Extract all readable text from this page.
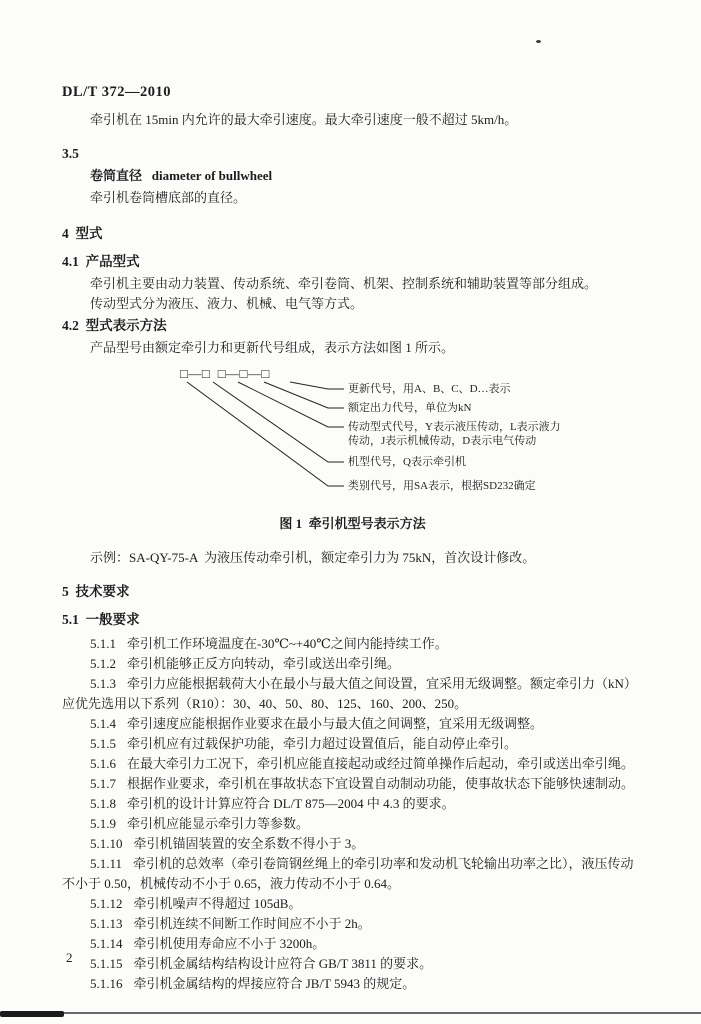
DL/T 372—2010

牵引机在 15min 内允许的最大牵引速度。最大牵引速度一般不超过 5km/h。

3.5
卷筒直径   diameter of bullwheel

牵引机卷筒槽底部的直径。

4  型式
4.1  产品型式

牵引机主要由动力装置、传动系统、牵引卷筒、机架、控制系统和辅助装置等部分组成。

传动型式分为液压、液力、机械、电气等方式。

4.2  型式表示方法

产品型号由额定牵引力和更新代号组成，表示方法如图 1 所示。

□—□  □—□—□
更新代号，用A、B、C、D…表示
额定出力代号，单位为kN
传动型式代号，Y表示液压传动，L表示液力传动，J表示机械传动，D表示电气传动
机型代号，Q表示牵引机
类别代号，用SA表示，根据SD232确定
图 1  牵引机型号表示方法

示例：SA-QY-75-A  为液压传动牵引机，额定牵引力为 75kN，首次设计修改。

5  技术要求
5.1  一般要求

5.1.1 牵引机工作环境温度在-30℃~+40℃之间内能持续工作。

5.1.2 牵引机能够正反方向转动，牵引或送出牵引绳。

5.1.3 牵引力应能根据载荷大小在最小与最大值之间设置，宜采用无级调整。额定牵引力（kN）应优先选用以下系列（R10）：30、40、50、80、125、160、200、250。

5.1.4 牵引速度应能根据作业要求在最小与最大值之间调整，宜采用无级调整。

5.1.5 牵引机应有过载保护功能，牵引力超过设置值后，能自动停止牵引。

5.1.6 在最大牵引力工况下，牵引机应能直接起动或经过简单操作后起动，牵引或送出牵引绳。

5.1.7 根据作业要求，牵引机在事故状态下宜设置自动制动功能，使事故状态下能够快速制动。

5.1.8 牵引机的设计计算应符合 DL/T 875—2004 中 4.3 的要求。

5.1.9 牵引机应能显示牵引力等参数。

5.1.10 牵引机锚固装置的安全系数不得小于 3。

5.1.11 牵引机的总效率（牵引卷筒钢丝绳上的牵引功率和发动机飞轮输出功率之比），液压传动不小于 0.50，机械传动不小于 0.65，液力传动不小于 0.64。

5.1.12 牵引机噪声不得超过 105dB。

5.1.13 牵引机连续不间断工作时间应不小于 2h。

5.1.14 牵引机使用寿命应不小于 3200h。

5.1.15 牵引机金属结构结构设计应符合 GB/T 3811 的要求。

5.1.16 牵引机金属结构的焊接应符合 JB/T 5943 的规定。

2
